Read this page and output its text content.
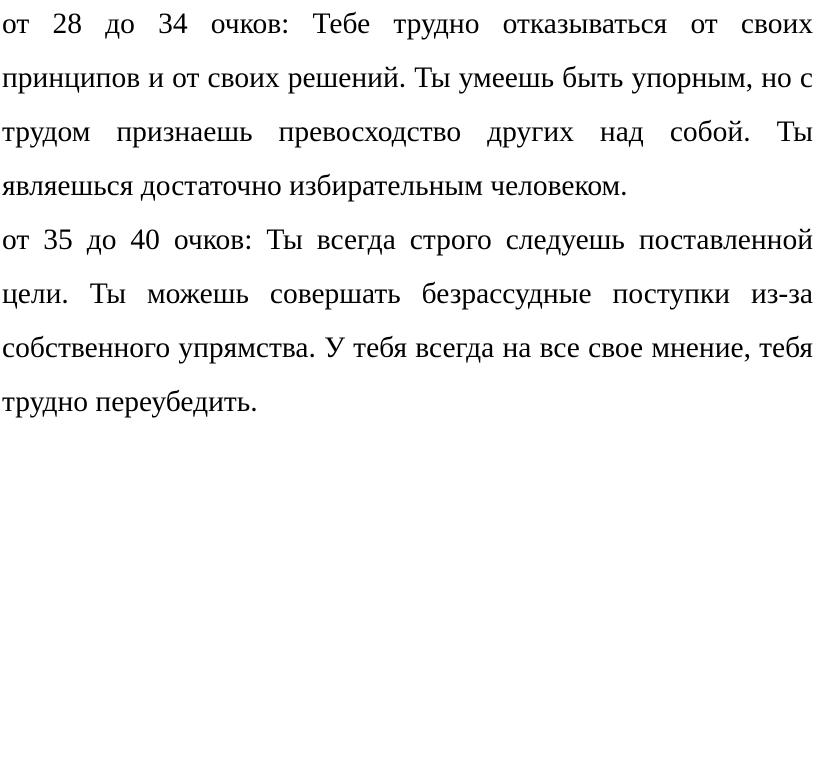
от 28 до 34 очков: Тебе трудно отказываться от своих принципов и от своих решений. Ты умеешь быть упорным, но с трудом признаешь превосходство других над собой. Ты являешься достаточно избирательным человеком.

от 35 до 40 очков: Ты всегда строго следуешь поставленной цели. Ты можешь совершать безрассудные поступки из-за собственного упрямства. У тебя всегда на все свое мнение, тебя трудно переубедить.
